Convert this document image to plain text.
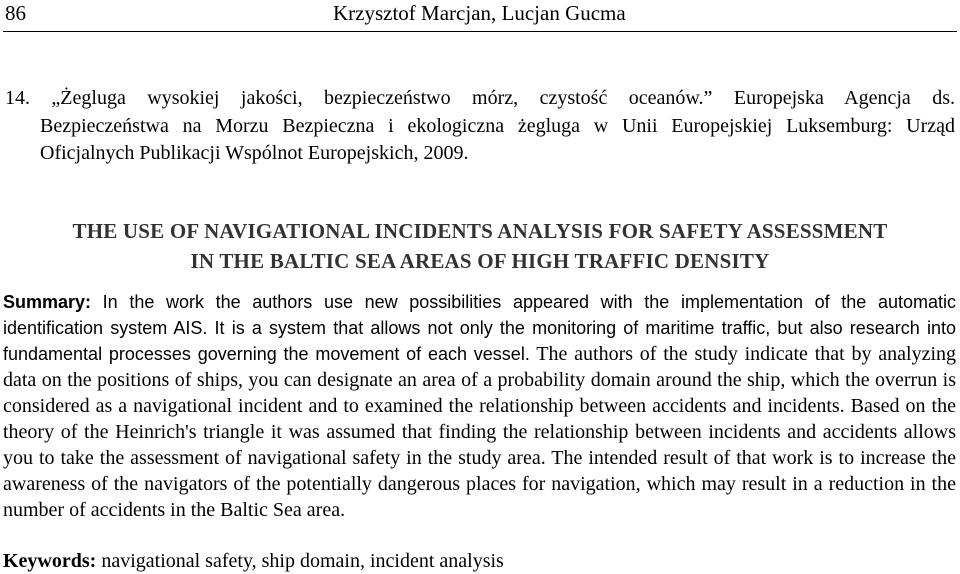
86	Krzysztof Marcjan, Lucjan Gucma
14. „Żegluga wysokiej jakości, bezpieczeństwo mórz, czystość oceanów.” Europejska Agencja ds.
Bezpieczeństwa na Morzu Bezpieczna i ekologiczna żegluga w Unii Europejskiej Luksemburg: Urząd Oficjalnych Publikacji Wspólnot Europejskich, 2009.
THE USE OF NAVIGATIONAL INCIDENTS ANALYSIS FOR SAFETY ASSESSMENT
IN THE BALTIC SEA AREAS OF HIGH TRAFFIC DENSITY
Summary: In the work the authors use new possibilities appeared with the implementation of the automatic identification system AIS. It is a system that allows not only the monitoring of maritime traffic, but also research into fundamental processes governing the movement of each vessel. The authors of the study indicate that by analyzing data on the positions of ships, you can designate an area of a probability domain around the ship, which the overrun is considered as a navigational incident and to examined the relationship between accidents and incidents. Based on the theory of the Heinrich's triangle it was assumed that finding the relationship between incidents and accidents allows you to take the assessment of navigational safety in the study area. The intended result of that work is to increase the awareness of the navigators of the potentially dangerous places for navigation, which may result in a reduction in the number of accidents in the Baltic Sea area.
Keywords: navigational safety, ship domain, incident analysis
